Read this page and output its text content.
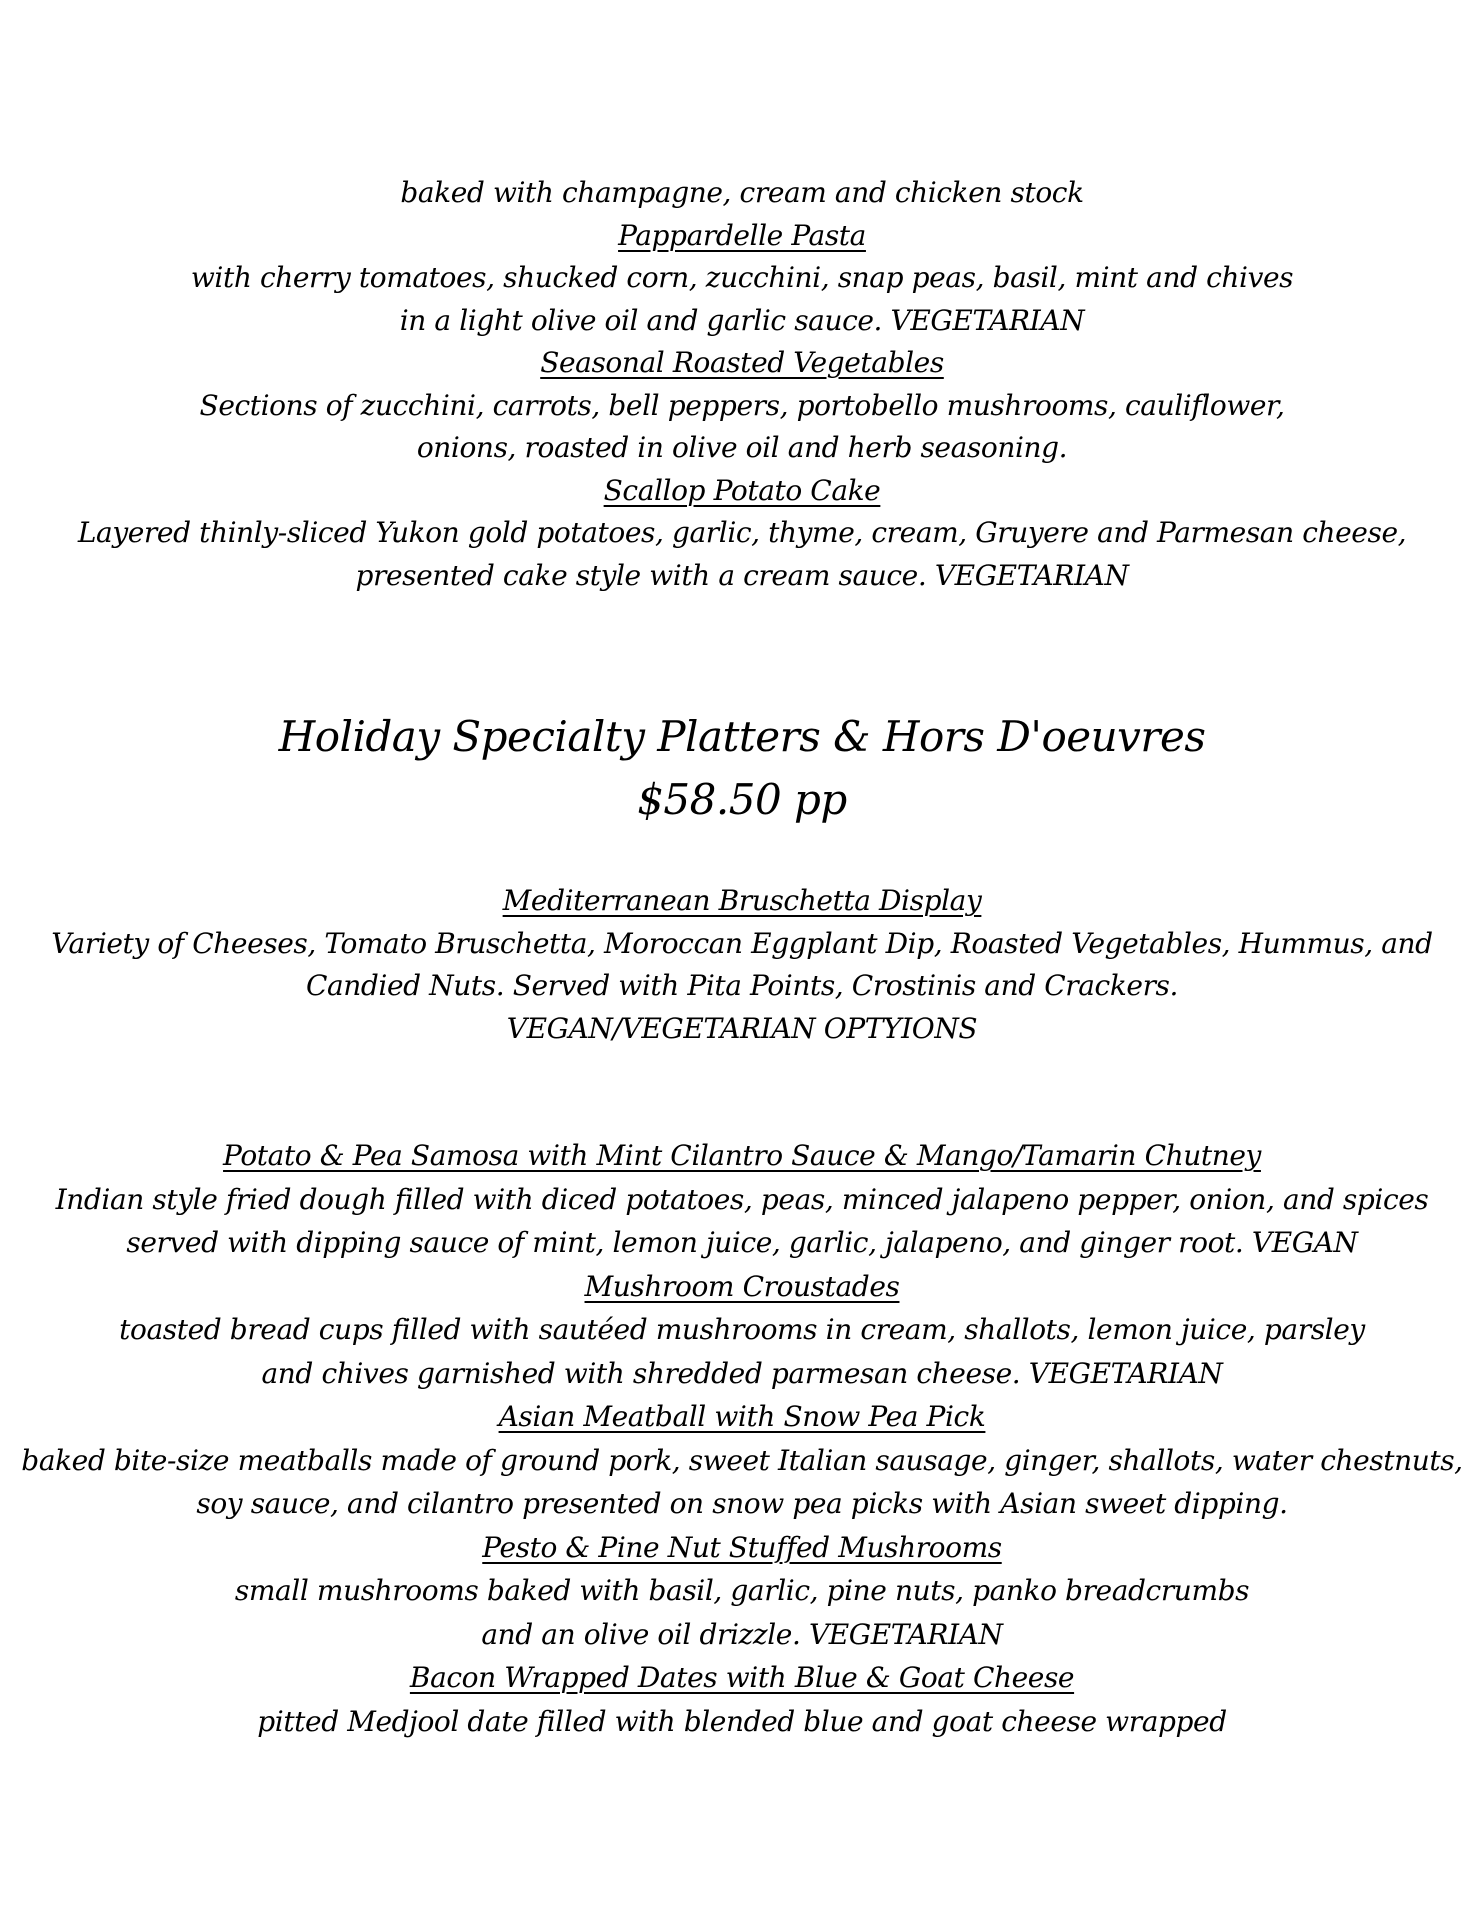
baked with champagne, cream and chicken stock
Pappardelle Pasta
with cherry tomatoes, shucked corn, zucchini, snap peas, basil, mint and chives
in a light olive oil and garlic sauce. VEGETARIAN
Seasonal Roasted Vegetables
Sections of zucchini, carrots, bell peppers, portobello mushrooms, cauliflower,
onions, roasted in olive oil and herb seasoning.
Scallop Potato Cake
Layered thinly-sliced Yukon gold potatoes, garlic, thyme, cream, Gruyere and Parmesan cheese,
presented cake style with a cream sauce. VEGETARIAN
Holiday Specialty Platters & Hors D'oeuvres
$58.50 pp
Mediterranean Bruschetta Display
Variety of Cheeses, Tomato Bruschetta, Moroccan Eggplant Dip, Roasted Vegetables, Hummus, and
Candied Nuts. Served with Pita Points, Crostinis and Crackers.
VEGAN/VEGETARIAN OPTYIONS
Potato & Pea Samosa with Mint Cilantro Sauce & Mango/Tamarin Chutney
Indian style fried dough filled with diced potatoes, peas, minced jalapeno pepper, onion, and spices
served with dipping sauce of mint, lemon juice, garlic, jalapeno, and ginger root. VEGAN
Mushroom Croustades
toasted bread cups filled with sautéed mushrooms in cream, shallots, lemon juice, parsley
and chives garnished with shredded parmesan cheese. VEGETARIAN
Asian Meatball with Snow Pea Pick
baked bite-size meatballs made of ground pork, sweet Italian sausage, ginger, shallots, water chestnuts,
soy sauce, and cilantro presented on snow pea picks with Asian sweet dipping.
Pesto & Pine Nut Stuffed Mushrooms
small mushrooms baked with basil, garlic, pine nuts, panko breadcrumbs
and an olive oil drizzle. VEGETARIAN
Bacon Wrapped Dates with Blue & Goat Cheese
pitted Medjool date filled with blended blue and goat cheese wrapped
